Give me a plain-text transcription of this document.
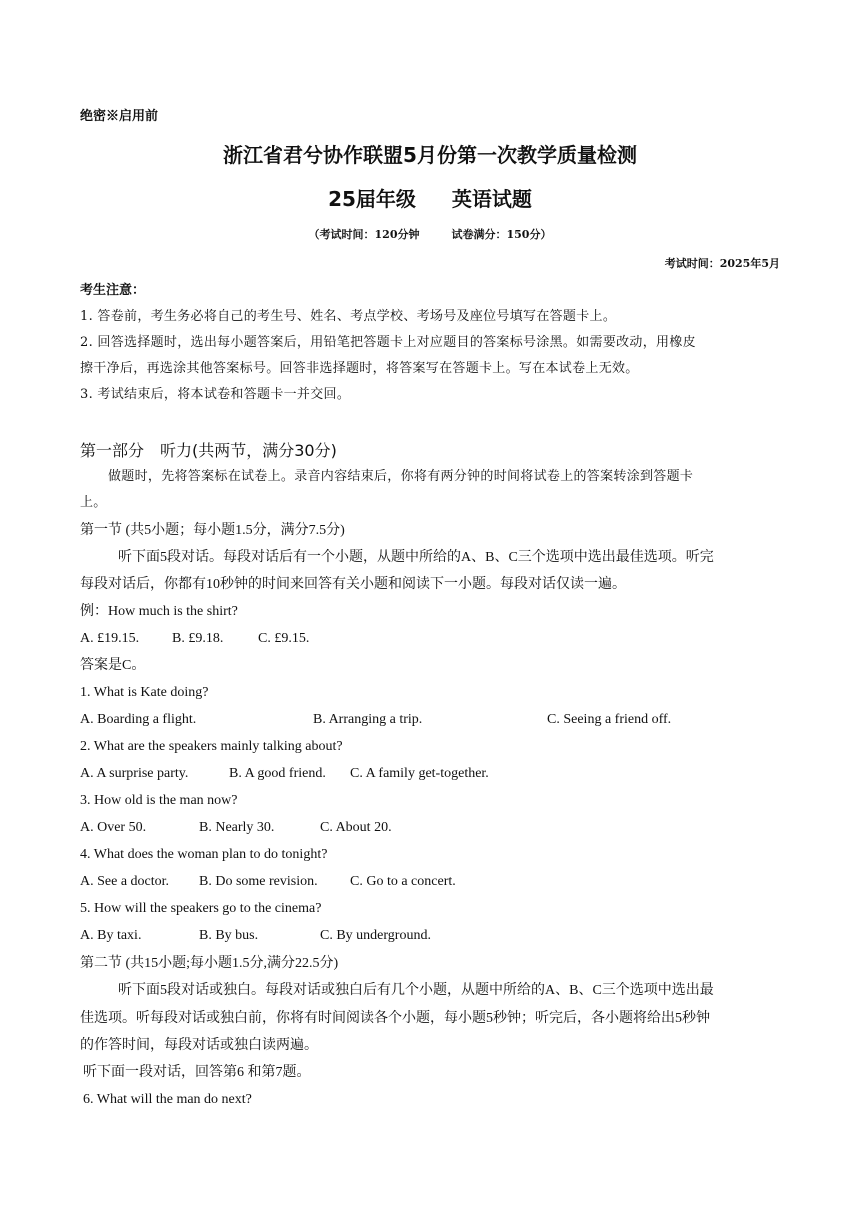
绝密※启用前
浙江省君兮协作联盟5月份第一次教学质量检测
25届年级 英语试题
（考试时间：120分钟	试卷满分：150分）
考试时间：2025年5月
考生注意：
1. 答卷前，考生务必将自己的考生号、姓名、考点学校、考场号及座位号填写在答题卡上。
2. 回答选择题时，选出每小题答案后，用铅笔把答题卡上对应题目的答案标号涂黑。如需要改动，用橡皮
擦干净后，再选涂其他答案标号。回答非选择题时，将答案写在答题卡上。写在本试卷上无效。
3. 考试结束后，将本试卷和答题卡一并交回。
第一部分　听力(共两节，满分30分)
做题时，先将答案标在试卷上。录音内容结束后，你将有两分钟的时间将试卷上的答案转涂到答题卡
上。
第一节 (共5小题；每小题1.5分，满分7.5分)
听下面5段对话。每段对话后有一个小题，从题中所给的A、B、C三个选项中选出最佳选项。听完
每段对话后，你都有10秒钟的时间来回答有关小题和阅读下一小题。每段对话仅读一遍。
例：How much is the shirt?
A. £19.15. B. £9.18. C. £9.15.
答案是C。
1. What is Kate doing?
A. Boarding a flight.	B. Arranging a trip.	C. Seeing a friend off.
2. What are the speakers mainly talking about?
A. A surprise party.	B. A good friend. C. A family get-together.
3. How old is the man now?
A. Over 50.	B. Nearly 30.	C. About 20.
4. What does the woman plan to do tonight?
A. See a doctor. B. Do some revision. C. Go to a concert.
5. How will the speakers go to the cinema?
A. By taxi.	B. By bus.	C. By underground.
第二节 (共15小题;每小题1.5分,满分22.5分)
听下面5段对话或独白。每段对话或独白后有几个小题，从题中所给的A、B、C三个选项中选出最
佳选项。听每段对话或独白前，你将有时间阅读各个小题，每小题5秒钟；听完后，各小题将给出5秒钟
的作答时间，每段对话或独白读两遍。
听下面一段对话，回答第6 和第7题。
6. What will the man do next?
